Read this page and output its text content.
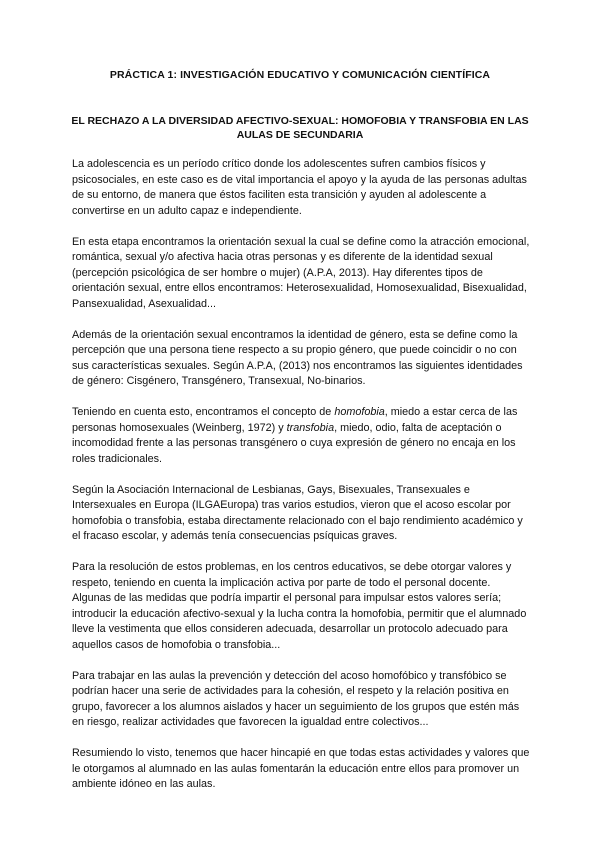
PRÁCTICA 1: INVESTIGACIÓN EDUCATIVO Y COMUNICACIÓN CIENTÍFICA
EL RECHAZO A LA DIVERSIDAD AFECTIVO-SEXUAL: HOMOFOBIA Y TRANSFOBIA EN LAS AULAS DE SECUNDARIA

La adolescencia es un período crítico donde los adolescentes sufren cambios físicos y psicosociales, en este caso es de vital importancia el apoyo y la ayuda de las personas adultas de su entorno, de manera que éstos faciliten esta transición y ayuden al adolescente a convertirse en un adulto capaz e independiente.

En esta etapa encontramos la orientación sexual la cual se define como la atracción emocional, romántica, sexual y/o afectiva hacia otras personas y es diferente de la identidad sexual (percepción psicológica de ser hombre o mujer) (A.P.A, 2013). Hay diferentes tipos de orientación sexual, entre ellos encontramos: Heterosexualidad, Homosexualidad, Bisexualidad, Pansexualidad, Asexualidad...

Además de la orientación sexual encontramos la identidad de género, esta se define como la percepción que una persona tiene respecto a su propio género, que puede coincidir o no con sus características sexuales. Según A.P.A, (2013) nos encontramos las siguientes identidades de género: Cisgénero, Transgénero, Transexual, No-binarios.

Teniendo en cuenta esto, encontramos el concepto de homofobia, miedo a estar cerca de las personas homosexuales (Weinberg, 1972) y transfobia, miedo, odio, falta de aceptación o incomodidad frente a las personas transgénero o cuya expresión de género no encaja en los roles tradicionales.

Según la Asociación Internacional de Lesbianas, Gays, Bisexuales, Transexuales e Intersexuales en Europa (ILGAEuropa) tras varios estudios, vieron que el acoso escolar por homofobia o transfobia, estaba directamente relacionado con el bajo rendimiento académico y el fracaso escolar, y además tenía consecuencias psíquicas graves.

Para la resolución de estos problemas, en los centros educativos, se debe otorgar valores y respeto, teniendo en cuenta la implicación activa por parte de todo el personal docente. Algunas de las medidas que podría impartir el personal para impulsar estos valores sería; introducir la educación afectivo-sexual y la lucha contra la homofobia, permitir que el alumnado lleve la vestimenta que ellos consideren adecuada, desarrollar un protocolo adecuado para aquellos casos de homofobia o transfobia...

Para trabajar en las aulas la prevención y detección del acoso homofóbico y transfóbico se podrían hacer una serie de actividades para la cohesión, el respeto y la relación positiva en grupo, favorecer a los alumnos aislados y hacer un seguimiento de los grupos que estén más en riesgo, realizar actividades que favorecen la igualdad entre colectivos...

Resumiendo lo visto, tenemos que hacer hincapié en que todas estas actividades y valores que le otorgamos al alumnado en las aulas fomentarán la educación entre ellos para promover un ambiente idóneo en las aulas.
